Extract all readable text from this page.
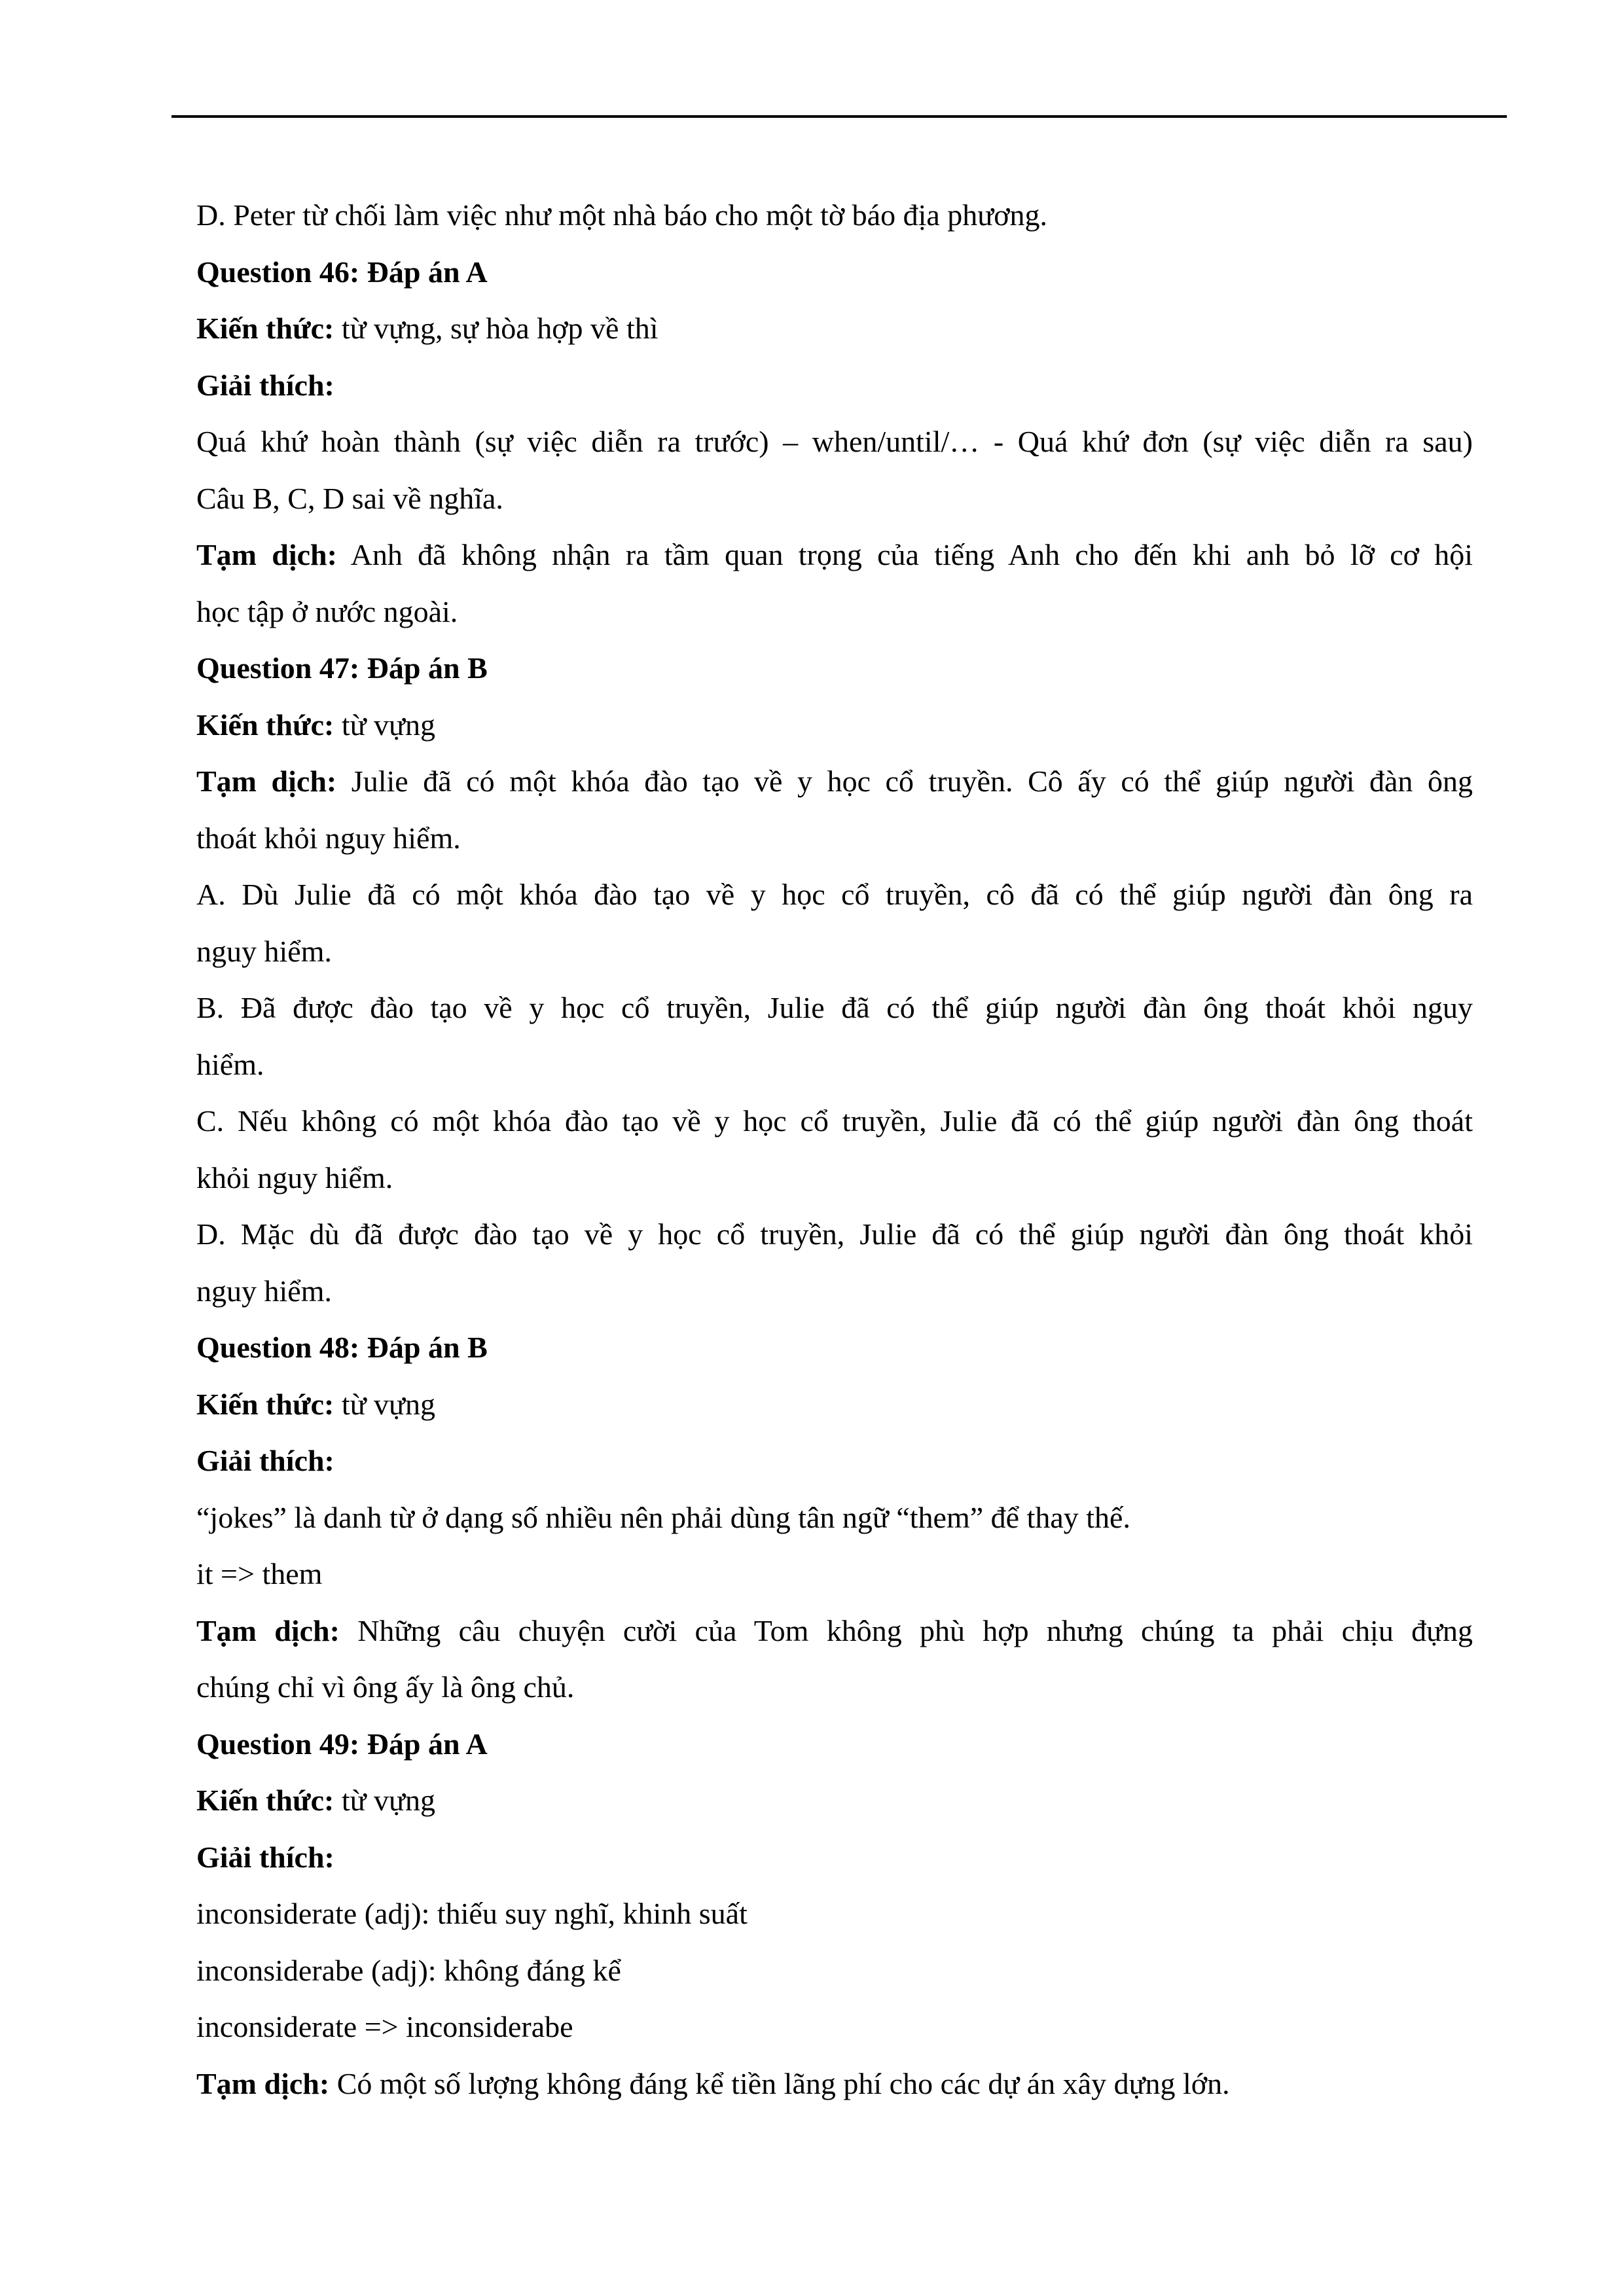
D. Peter từ chối làm việc như một nhà báo cho một tờ báo địa phương.
Question 46: Đáp án A
Kiến thức: từ vựng, sự hòa hợp về thì
Giải thích:
Quá khứ hoàn thành (sự việc diễn ra trước) – when/until/… - Quá khứ đơn (sự việc diễn ra sau)
Câu B, C, D sai về nghĩa.
Tạm dịch: Anh đã không nhận ra tầm quan trọng của tiếng Anh cho đến khi anh bỏ lỡ cơ hội
học tập ở nước ngoài.
Question 47: Đáp án B
Kiến thức: từ vựng
Tạm dịch: Julie đã có một khóa đào tạo về y học cổ truyền. Cô ấy có thể giúp người đàn ông
thoát khỏi nguy hiểm.
A. Dù Julie đã có một khóa đào tạo về y học cổ truyền, cô đã có thể giúp người đàn ông ra
nguy hiểm.
B. Đã được đào tạo về y học cổ truyền, Julie đã có thể giúp người đàn ông thoát khỏi nguy
hiểm.
C. Nếu không có một khóa đào tạo về y học cổ truyền, Julie đã có thể giúp người đàn ông thoát
khỏi nguy hiểm.
D. Mặc dù đã được đào tạo về y học cổ truyền, Julie đã có thể giúp người đàn ông thoát khỏi
nguy hiểm.
Question 48: Đáp án B
Kiến thức: từ vựng
Giải thích:
“jokes” là danh từ ở dạng số nhiều nên phải dùng tân ngữ “them” để thay thế.
it => them
Tạm dịch: Những câu chuyện cười của Tom không phù hợp nhưng chúng ta phải chịu đựng
chúng chỉ vì ông ấy là ông chủ.
Question 49: Đáp án A
Kiến thức: từ vựng
Giải thích:
inconsiderate (adj): thiếu suy nghĩ, khinh suất
inconsiderabe (adj): không đáng kể
inconsiderate => inconsiderabe
Tạm dịch: Có một số lượng không đáng kể tiền lãng phí cho các dự án xây dựng lớn.
